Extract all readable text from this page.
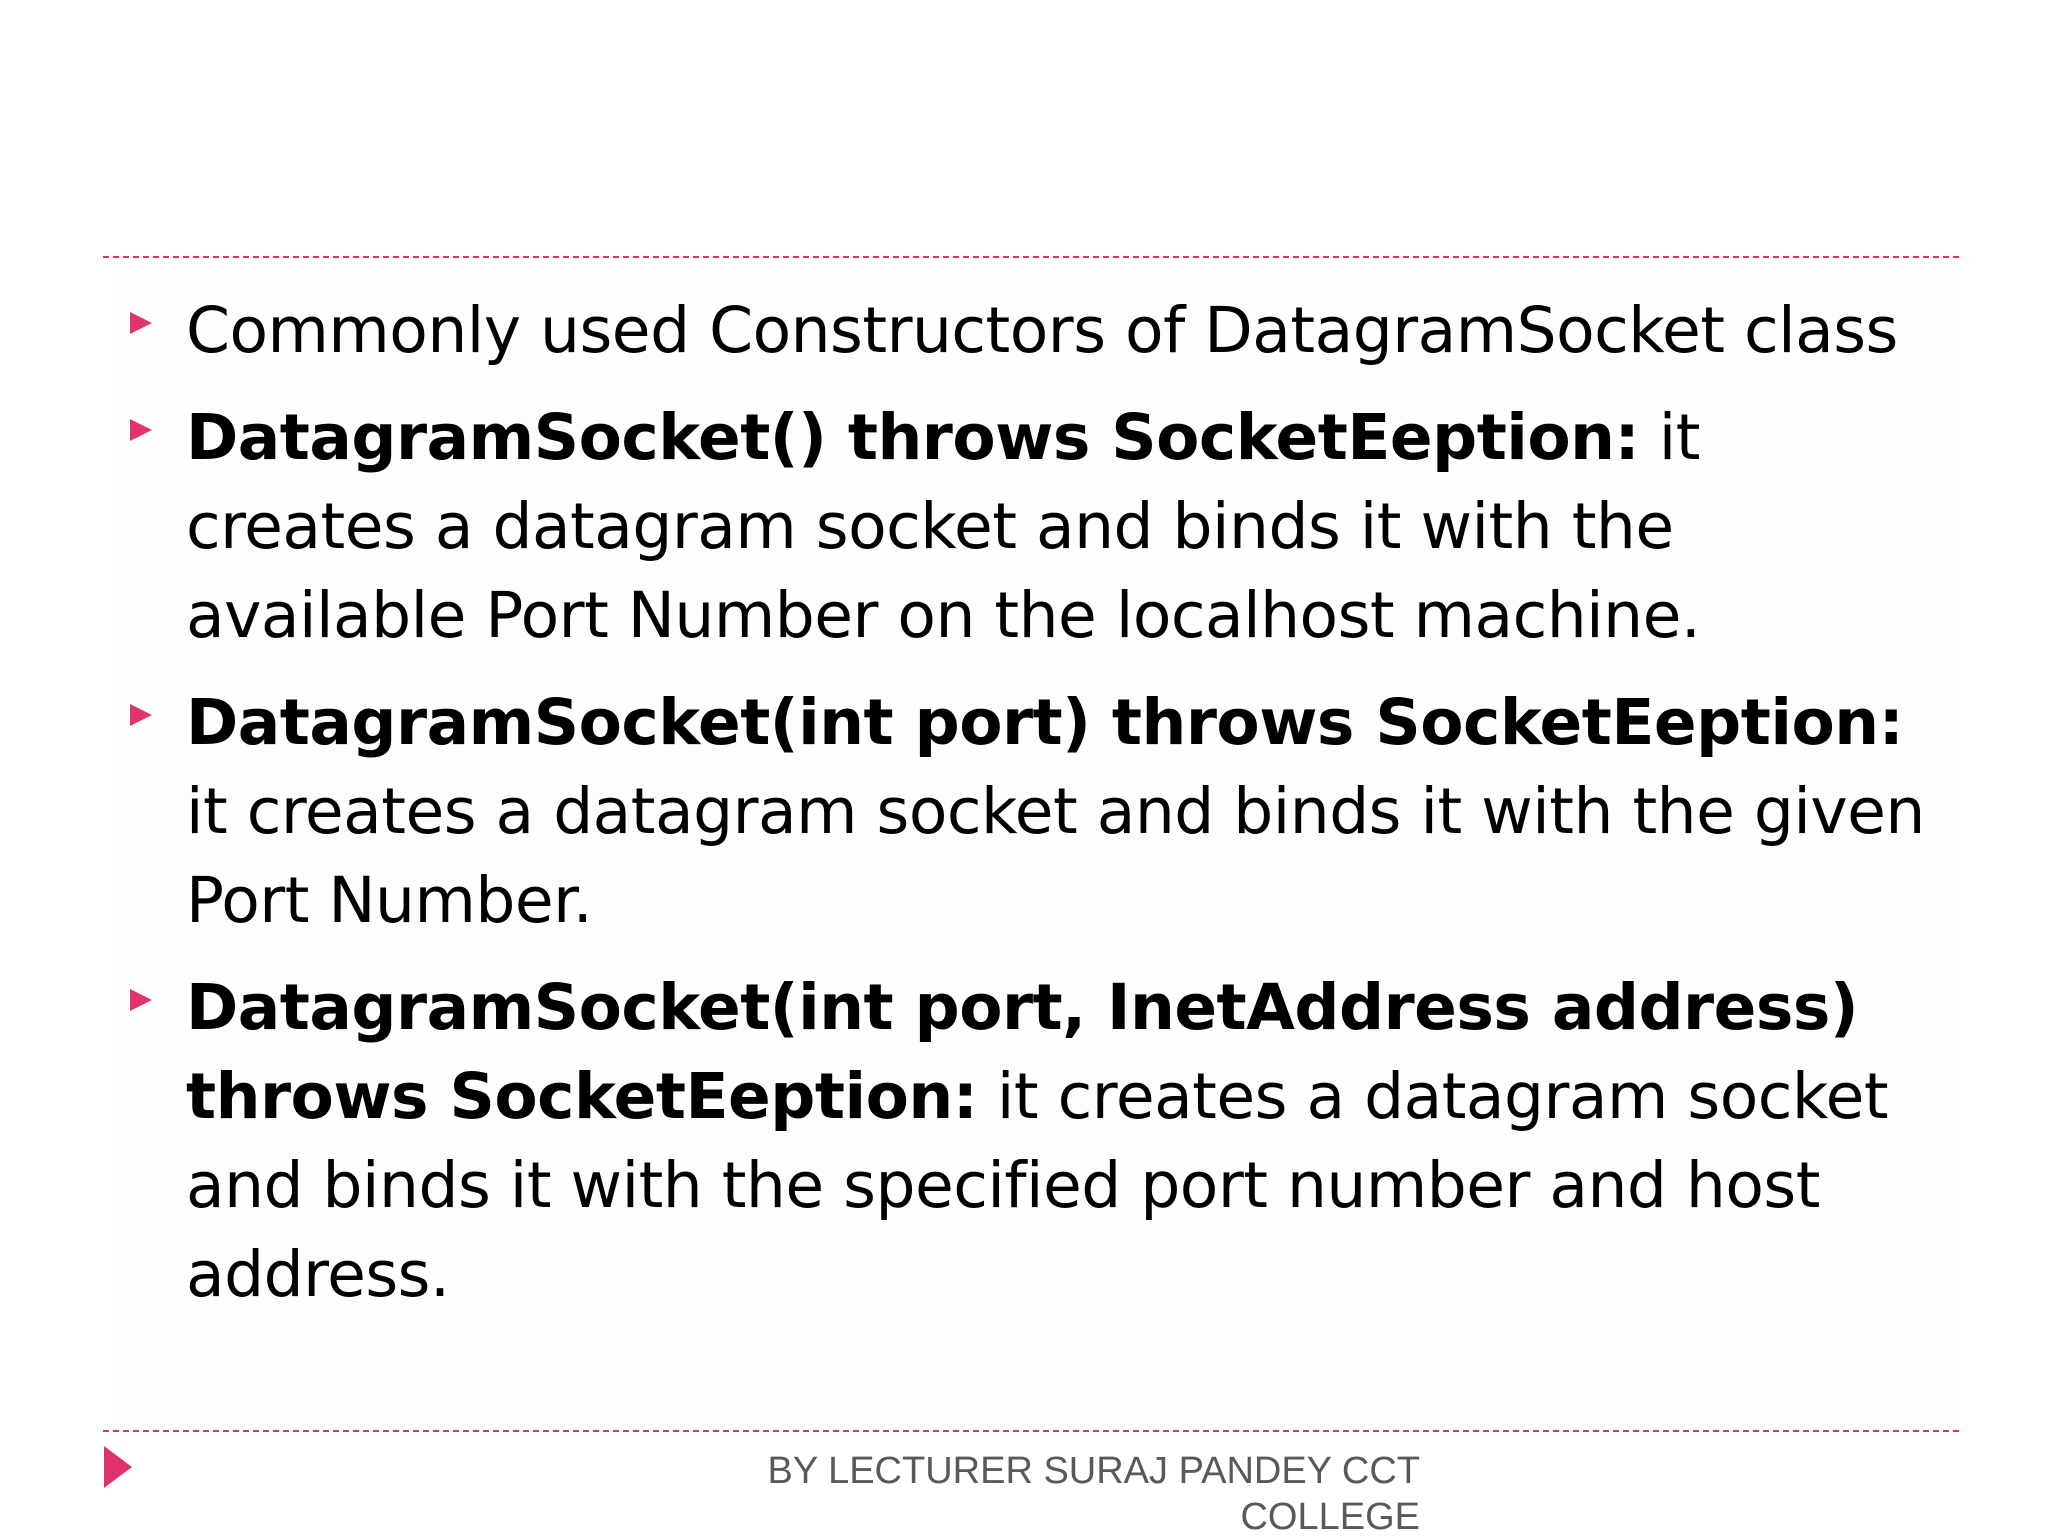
Commonly used Constructors of DatagramSocket class
DatagramSocket() throws SocketEeption: it creates a datagram socket and binds it with the available Port Number on the localhost machine.
DatagramSocket(int port) throws SocketEeption: it creates a datagram socket and binds it with the given Port Number.
DatagramSocket(int port, InetAddress address) throws SocketEeption: it creates a datagram socket and binds it with the specified port number and host address.
BY LECTURER SURAJ PANDEY CCT
COLLEGE
